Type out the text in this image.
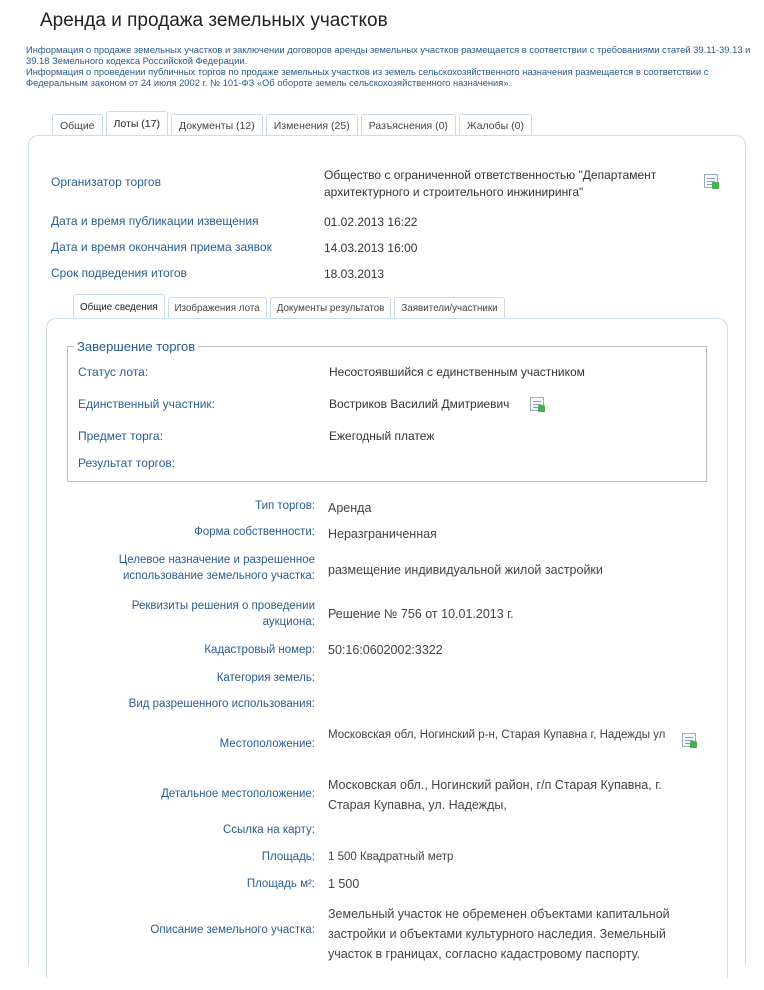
Аренда и продажа земельных участков

Информация о продаже земельных участков и заключении договоров аренды земельных участков размещается в соответствии с требованиями статей 39.11-39.13 и 39.18 Земельного кодекса Российской Федерации.

Информация о проведении публичных торгов по продаже земельных участков из земель сельскохозяйственного назначения размещается в соответствии с Федеральным законом от 24 июля 2002 г. № 101-ФЗ «Об обороте земель сельскохозяйственного назначения».

Общие	Лоты (17)	Документы (12)	Изменения (25)	Разъяснения (0)	Жалобы (0)
Организатор торгов	Общество с ограниченной ответственностью "Департамент архитектурного и строительного инжиниринга"
Дата и время публикации извещения	01.02.2013 16:22
Дата и время окончания приема заявок	14.03.2013 16:00
Срок подведения итогов	18.03.2013
Общие сведения	Изображения лота	Документы результатов	Заявители/участники
Завершение торгов
Статус лота:	Несостоявшийся с единственным участником
Единственный участник:	Востриков Василий Дмитриевич
Предмет торга:	Ежегодный платеж
Результат торгов:
Тип торгов: Аренда
Форма собственности: Неразграниченная
Целевое назначение и разрешенное использование земельного участка: размещение индивидуальной жилой застройки
Реквизиты решения о проведении аукциона:
Решение № 756 от 10.01.2013 г.
Кадастровый номер: 50:16:0602002:3322
Категория земель:
Вид разрешенного использования:
Местоположение:
Московская обл, Ногинский р-н, Старая Купавна г, Надежды ул
Детальное местоположение:
Московская обл., Ногинский район, г/п Старая Купавна, г. Старая Купавна, ул. Надежды,
Ссылка на карту:
Площадь: 1 500 Квадратный метр
Площадь м²: 1 500
Описание земельного участка:
Земельный участок не обременен объектами капитальной застройки и объектами культурного наследия. Земельный участок в границах, согласно кадастровому паспорту.
